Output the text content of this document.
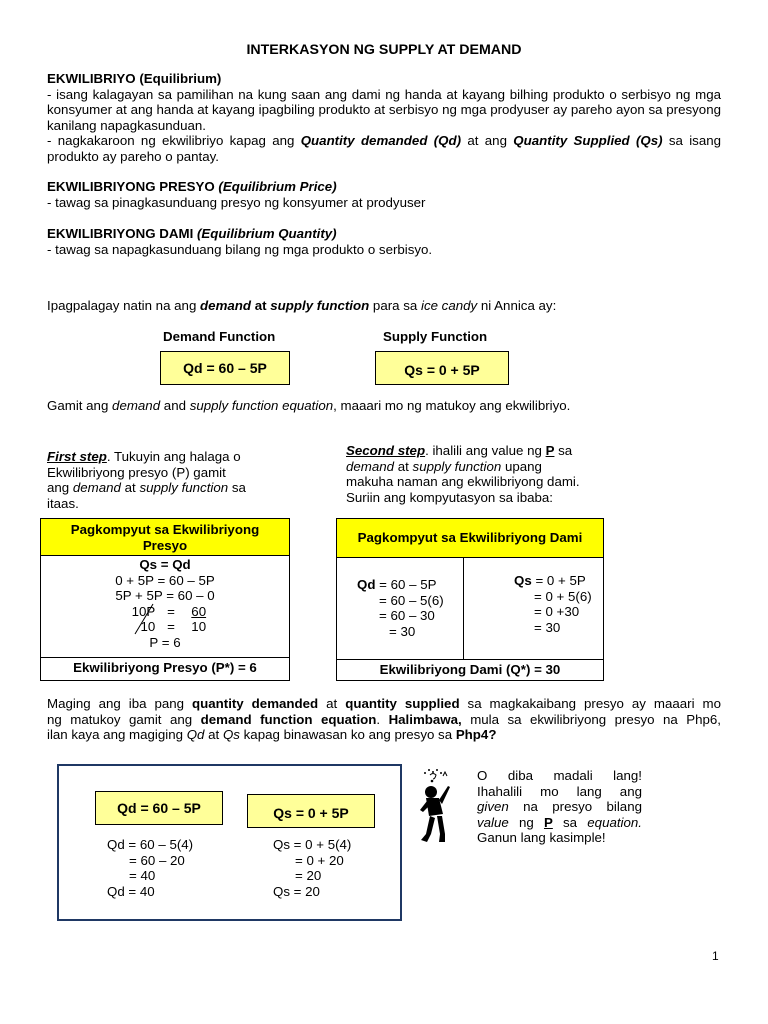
INTERKASYON NG SUPPLY AT DEMAND
EKWILIBRIYO (Equilibrium)
- isang kalagayan sa pamilihan na kung saan ang dami ng handa at kayang bilhing produkto o serbisyo ng mga konsyumer at ang handa at kayang ipagbiling produkto at serbisyo ng mga prodyuser ay pareho ayon sa presyong kanilang napagkasunduan.
- nagkakaroon ng ekwilibriyo kapag ang Quantity demanded (Qd) at ang Quantity Supplied (Qs) sa isang produkto ay pareho o pantay.
EKWILIBRIYONG PRESYO (Equilibrium Price)
- tawag sa pinagkasunduang presyo ng konsyumer at prodyuser
EKWILIBRIYONG DAMI (Equilibrium Quantity)
- tawag sa napagkasunduang bilang ng mga produkto o serbisyo.
Ipagpalagay natin na ang demand at supply function para sa ice candy ni Annica ay:
Demand Function	Supply Function
Qd = 60 – 5P	Qs = 0 + 5P
Gamit ang demand and supply function equation, maaari mo ng matukoy ang ekwilibriyo.
First step. Tukuyin ang halaga o
Ekwilibriyong presyo (P) gamit
ang demand at supply function sa
itaas.
Second step. ihalili ang value ng P sa
demand at supply function upang
makuha naman ang ekwilibriyong dami.
Suriin ang kompyutasyon sa ibaba:
Pagkompyut sa Ekwilibriyong
Presyo
Qs = Qd
0 + 5P = 60 – 5P
5P + 5P = 60 – 0
10P = 60
10 = 10
P = 6
Ekwilibriyong Presyo (P*) = 6
Pagkompyut sa Ekwilibriyong Dami
Qd = 60 – 5P
= 60 – 5(6)
= 60 – 30
= 30
Qs = 0 + 5P
= 0 + 5(6)
= 0 +30
= 30
Ekwilibriyong Dami (Q*) = 30
Maging ang iba pang quantity demanded at quantity supplied sa magkakaibang presyo ay maaari mo
ng matukoy gamit ang demand function equation. Halimbawa, mula sa ekwilibriyong presyo na Php6,
ilan kaya ang magiging Qd at Qs kapag binawasan ko ang presyo sa Php4?
Qd = 60 – 5P	Qs = 0 + 5P
Qd = 60 – 5(4)
= 60 – 20
= 40
Qd = 40
Qs = 0 + 5(4)
= 0 + 20
= 20
Qs = 20
O diba madali lang!
Ihahalili mo lang ang
given na presyo bilang
value ng P sa equation.
Ganun lang kasimple!
1
